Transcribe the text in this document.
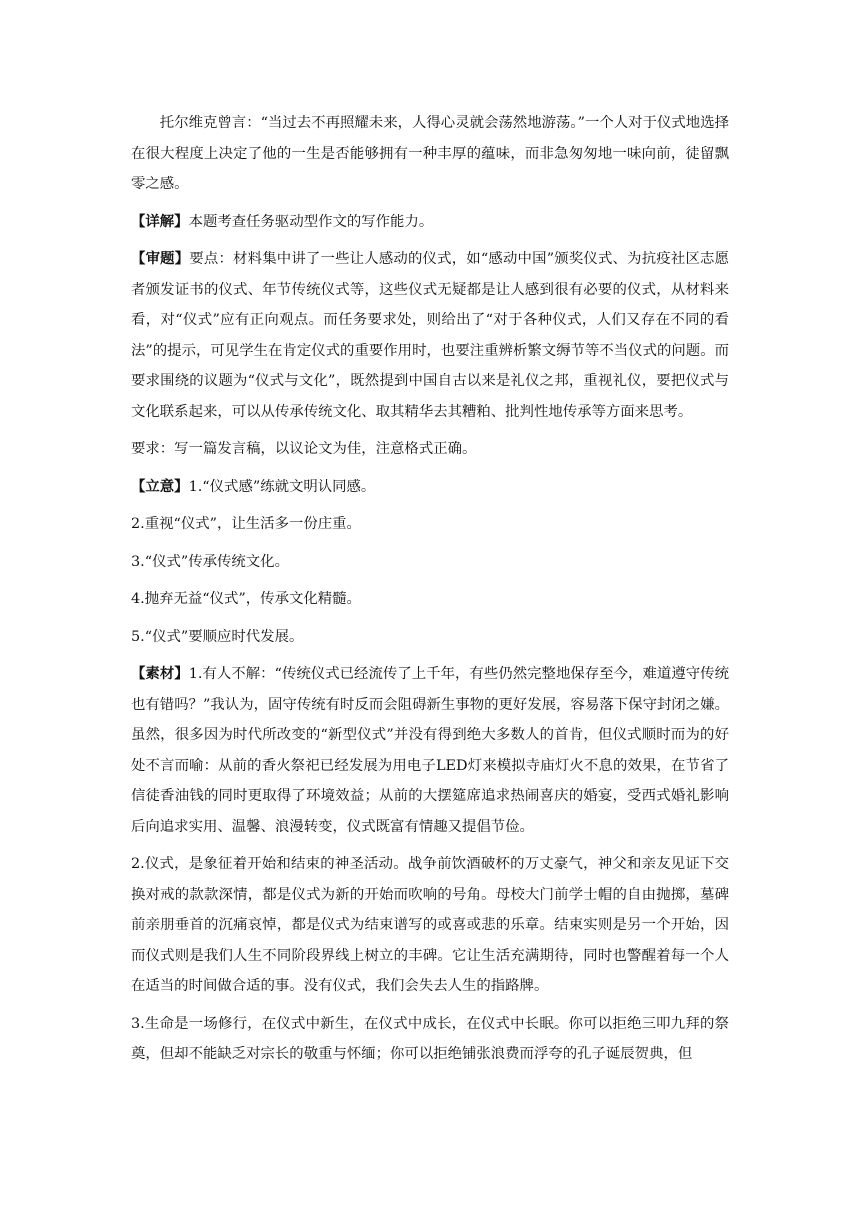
托尔维克曾言：“当过去不再照耀未来，人得心灵就会荡然地游荡。”一个人对于仪式地选择在很大程度上决定了他的一生是否能够拥有一种丰厚的蕴味，而非急匆匆地一味向前，徒留飘零之感。

【详解】本题考查任务驱动型作文的写作能力。

【审题】要点：材料集中讲了一些让人感动的仪式，如“感动中国”颁奖仪式、为抗疫社区志愿者颁发证书的仪式、年节传统仪式等，这些仪式无疑都是让人感到很有必要的仪式，从材料来看，对“仪式”应有正向观点。而任务要求处，则给出了“对于各种仪式，人们又存在不同的看法”的提示，可见学生在肯定仪式的重要作用时，也要注重辨析繁文缛节等不当仪式的问题。而要求围绕的议题为“仪式与文化”，既然提到中国自古以来是礼仪之邦，重视礼仪，要把仪式与文化联系起来，可以从传承传统文化、取其精华去其糟粕、批判性地传承等方面来思考。

要求：写一篇发言稿，以议论文为佳，注意格式正确。

【立意】1.“仪式感”练就文明认同感。

2.重视“仪式”，让生活多一份庄重。

3.“仪式”传承传统文化。

4.抛弃无益“仪式”，传承文化精髓。

5.“仪式”要顺应时代发展。

【素材】1.有人不解：“传统仪式已经流传了上千年，有些仍然完整地保存至今，难道遵守传统也有错吗？”我认为，固守传统有时反而会阻碍新生事物的更好发展，容易落下保守封闭之嫌。虽然，很多因为时代所改变的“新型仪式”并没有得到绝大多数人的首肯，但仪式顺时而为的好处不言而喻：从前的香火祭祀已经发展为用电子LED灯来模拟寺庙灯火不息的效果，在节省了信徒香油钱的同时更取得了环境效益；从前的大摆筵席追求热闹喜庆的婚宴，受西式婚礼影响后向追求实用、温馨、浪漫转变，仪式既富有情趣又提倡节俭。

2.仪式，是象征着开始和结束的神圣活动。战争前饮酒破杯的万丈豪气，神父和亲友见证下交换对戒的款款深情，都是仪式为新的开始而吹响的号角。母校大门前学士帽的自由抛掷，墓碑前亲朋垂首的沉痛哀悼，都是仪式为结束谱写的或喜或悲的乐章。结束实则是另一个开始，因而仪式则是我们人生不同阶段界线上树立的丰碑。它让生活充满期待，同时也警醒着每一个人在适当的时间做合适的事。没有仪式，我们会失去人生的指路牌。

3.生命是一场修行，在仪式中新生，在仪式中成长，在仪式中长眠。你可以拒绝三叩九拜的祭奠，但却不能缺乏对宗长的敬重与怀缅；你可以拒绝铺张浪费而浮夸的孔子诞辰贺典，但
